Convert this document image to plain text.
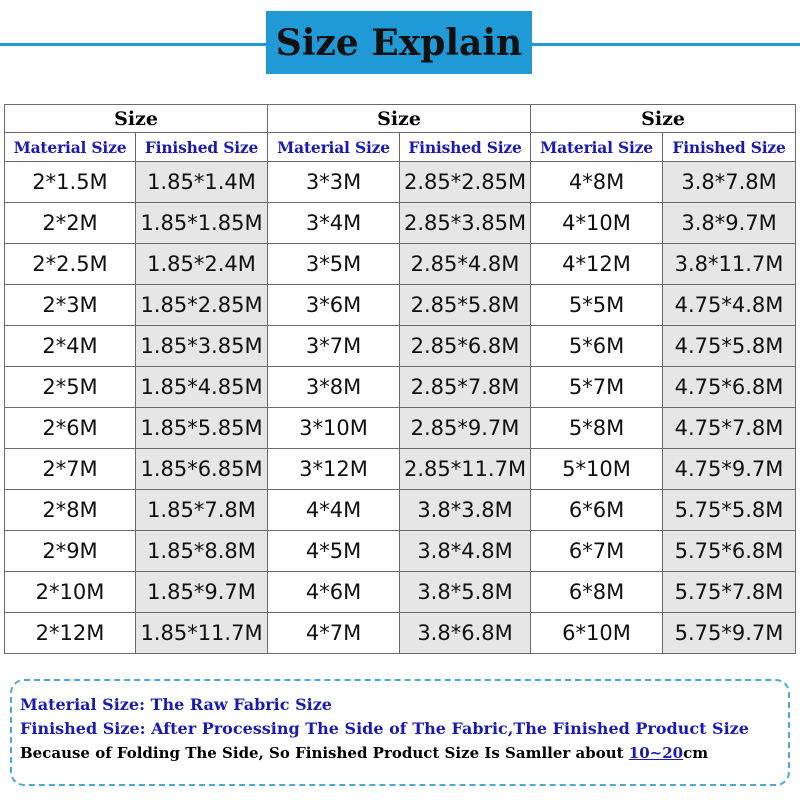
Size Explain
Size		Size		Size	
Material Size	Finished Size	Material Size	Finished Size	Material Size	Finished Size
2*1.5M	1.85*1.4M	3*3M	2.85*2.85M	4*8M	3.8*7.8M
2*2M	1.85*1.85M	3*4M	2.85*3.85M	4*10M	3.8*9.7M
2*2.5M	1.85*2.4M	3*5M	2.85*4.8M	4*12M	3.8*11.7M
2*3M	1.85*2.85M	3*6M	2.85*5.8M	5*5M	4.75*4.8M
2*4M	1.85*3.85M	3*7M	2.85*6.8M	5*6M	4.75*5.8M
2*5M	1.85*4.85M	3*8M	2.85*7.8M	5*7M	4.75*6.8M
2*6M	1.85*5.85M	3*10M	2.85*9.7M	5*8M	4.75*7.8M
2*7M	1.85*6.85M	3*12M	2.85*11.7M	5*10M	4.75*9.7M
2*8M	1.85*7.8M	4*4M	3.8*3.8M	6*6M	5.75*5.8M
2*9M	1.85*8.8M	4*5M	3.8*4.8M	6*7M	5.75*6.8M
2*10M	1.85*9.7M	4*6M	3.8*5.8M	6*8M	5.75*7.8M
2*12M	1.85*11.7M	4*7M	3.8*6.8M	6*10M	5.75*9.7M
Material Size: The Raw Fabric Size
Finished Size: After Processing The Side of The Fabric,The Finished Product Size
Because of Folding The Side, So Finished Product Size Is Samller about 10~20cm
